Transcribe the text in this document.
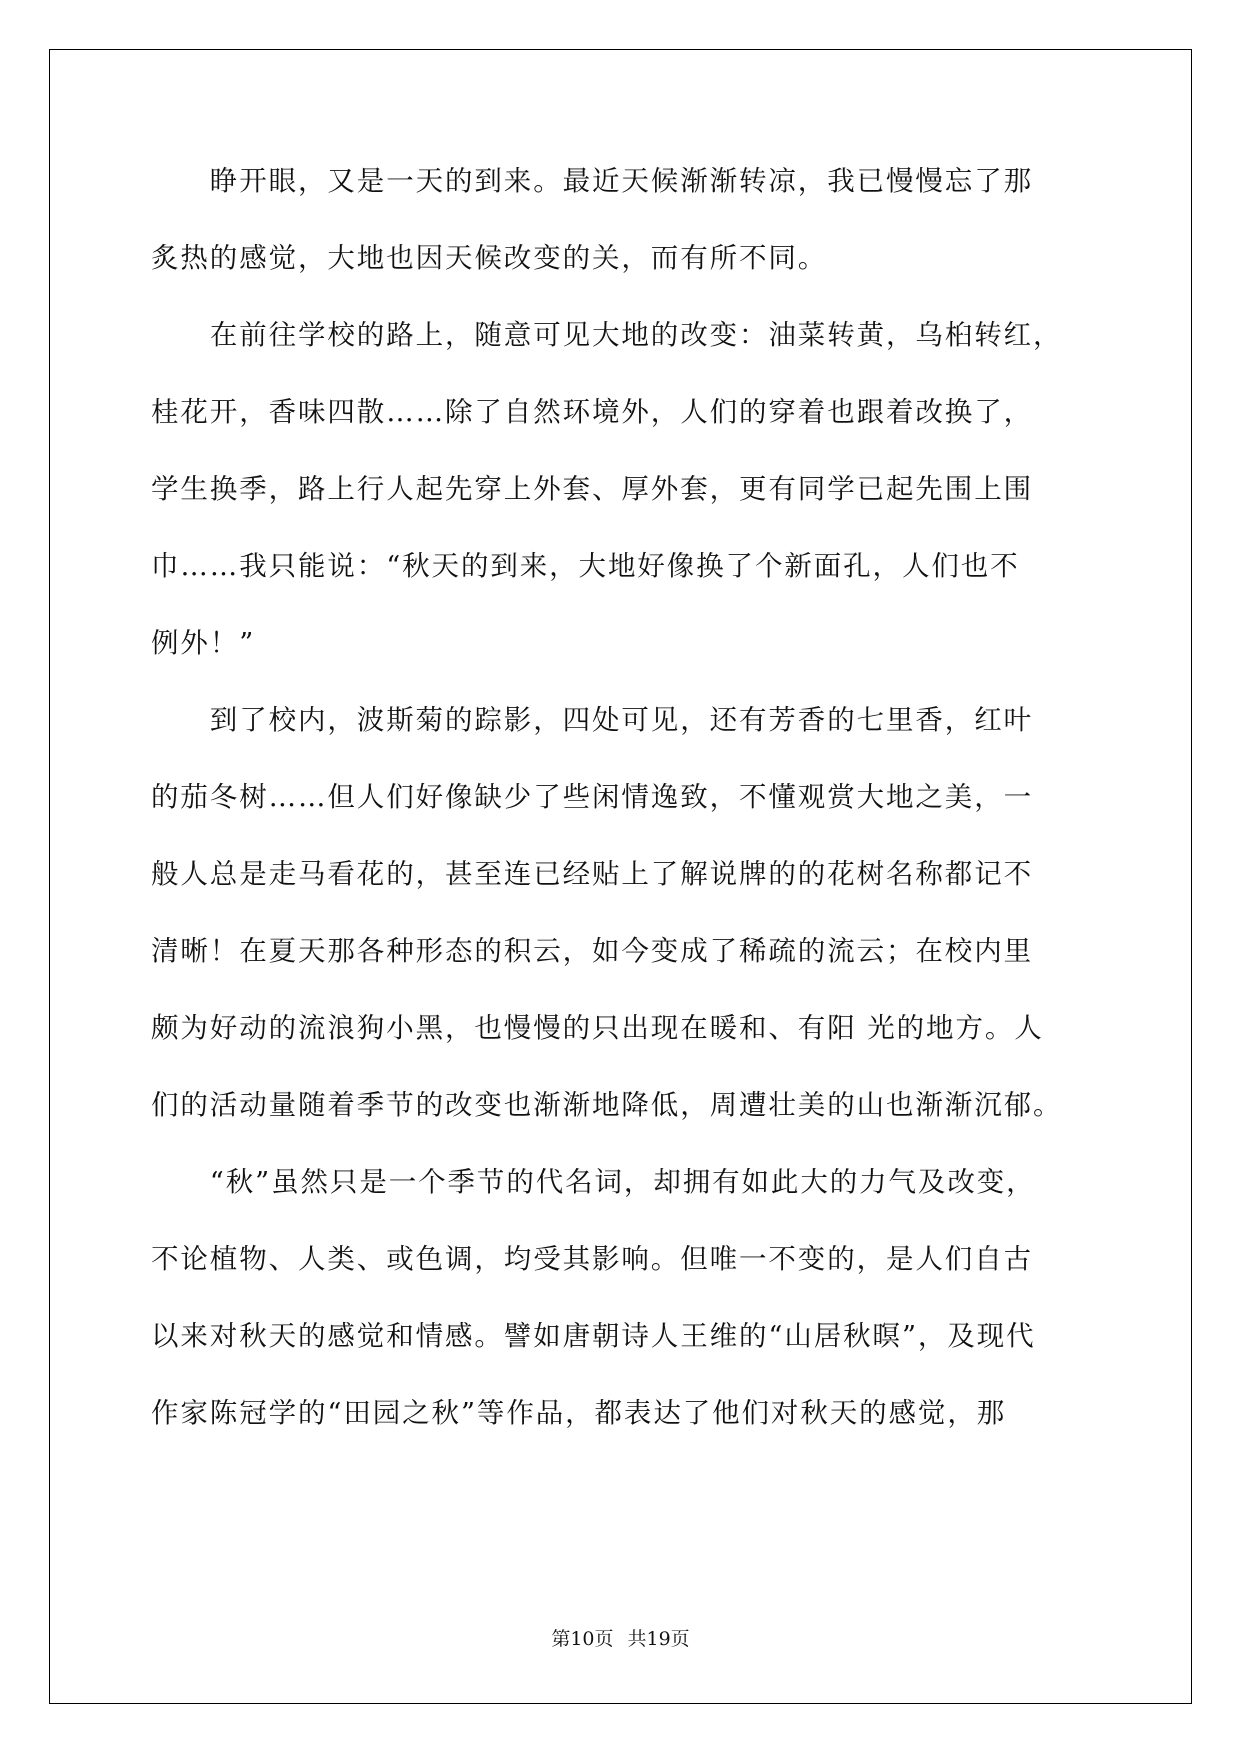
　　睁开眼，又是一天的到来。最近天候渐渐转凉，我已慢慢忘了那
炙热的感觉，大地也因天候改变的关，而有所不同。
　　在前往学校的路上，随意可见大地的改变：油菜转黄，乌桕转红，
桂花开，香味四散……除了自然环境外，人们的穿着也跟着改换了，
学生换季，路上行人起先穿上外套、厚外套，更有同学已起先围上围
巾……我只能说：“秋天的到来，大地好像换了个新面孔，人们也不
例外！”
　　到了校内，波斯菊的踪影，四处可见，还有芳香的七里香，红叶
的茄冬树……但人们好像缺少了些闲情逸致，不懂观赏大地之美，一
般人总是走马看花的，甚至连已经贴上了解说牌的的花树名称都记不
清晰！在夏天那各种形态的积云，如今变成了稀疏的流云；在校内里
颇为好动的流浪狗小黑，也慢慢的只出现在暖和、有阳 光的地方。人
们的活动量随着季节的改变也渐渐地降低，周遭壮美的山也渐渐沉郁。
　　“秋”虽然只是一个季节的代名词，却拥有如此大的力气及改变，
不论植物、人类、或色调，均受其影响。但唯一不变的，是人们自古
以来对秋天的感觉和情感。譬如唐朝诗人王维的“山居秋暝”，及现代
作家陈冠学的“田园之秋”等作品，都表达了他们对秋天的感觉，那
第10页 共19页
